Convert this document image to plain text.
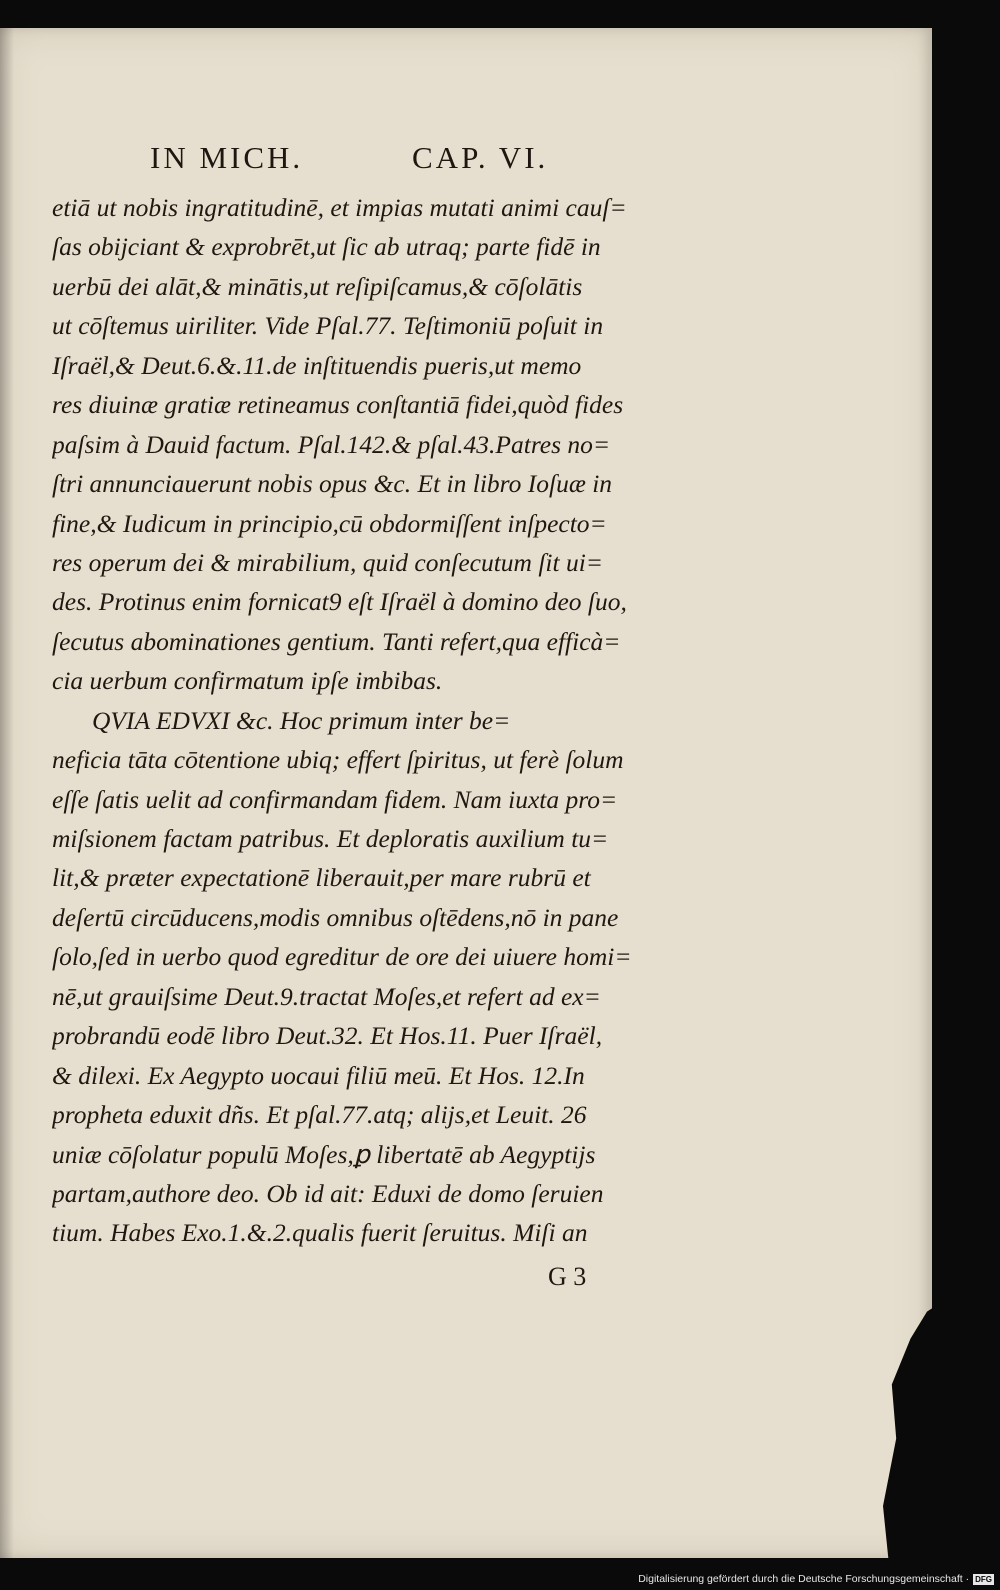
IN MICH.	CAP. VI.
etiā ut nobis ingratitudinē, et impias mutati animi cauſ=
ſas obijciant & exprobrēt,ut ſic ab utraq; parte fidē in
uerbū dei alāt,& minātis,ut reſipiſcamus,& cōſolātis
ut cōſtemus uiriliter. Vide Pſal.77. Teſtimoniū poſuit in
Iſraël,& Deut.6.&.11.de inſtituendis pueris,ut memo
res diuinæ gratiæ retineamus conſtantiā fidei,quòd fides
paſsim à Dauid factum. Pſal.142.& pſal.43.Patres no=
ſtri annunciauerunt nobis opus &c. Et in libro Ioſuæ in
fine,& Iudicum in principio,cū obdormiſſent inſpecto=
res operum dei & mirabilium, quid conſecutum ſit ui=
des. Protinus enim fornicat9 eſt Iſraël à domino deo ſuo,
ſecutus abominationes gentium. Tanti refert,qua efficà=
cia uerbum confirmatum ipſe imbibas.
QVIA EDVXI &c. Hoc primum inter be=
neficia tāta cōtentione ubiq; effert ſpiritus, ut ferè ſolum
eſſe ſatis uelit ad confirmandam fidem. Nam iuxta pro=
miſsionem factam patribus. Et deploratis auxilium tu=
lit,& præter expectationē liberauit,per mare rubrū et
deſertū circūducens,modis omnibus oſtēdens,nō in pane
ſolo,ſed in uerbo quod egreditur de ore dei uiuere homi=
nē,ut grauiſsime Deut.9.tractat Moſes,et refert ad ex=
probrandū eodē libro Deut.32. Et Hos.11. Puer Iſraël,
& dilexi. Ex Aegypto uocaui filiū meū. Et Hos. 12.In
propheta eduxit dñs. Et pſal.77.atq; alijs,et Leuit. 26
uniæ cōſolatur populū Moſes,ꝑ libertatē ab Aegyptijs
partam,authore deo. Ob id ait: Eduxi de domo ſeruien
tium. Habes Exo.1.&.2.qualis fuerit ſeruitus. Miſi an
G 3
Digitalisierung gefördert durch die Deutsche Forschungsgemeinschaft · DFG
